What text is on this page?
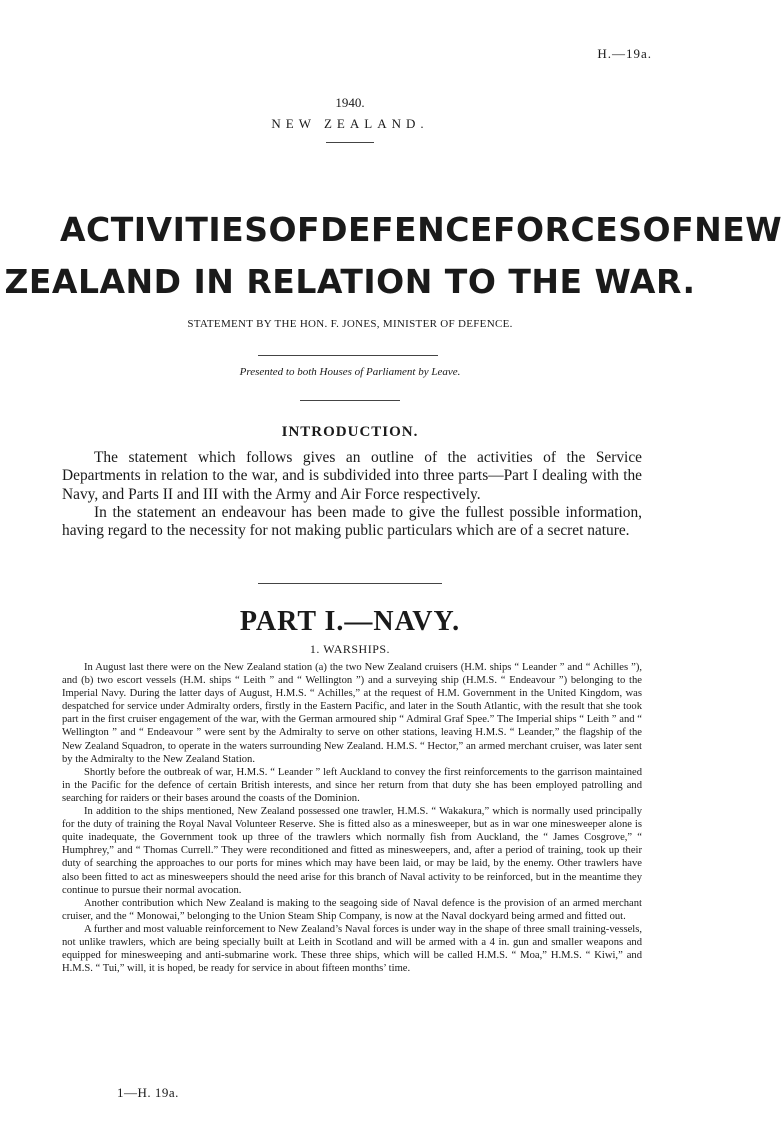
H.—19a.
1940.
NEW ZEALAND.
ACTIVITIES OF DEFENCE FORCES OF NEW
ZEALAND IN RELATION TO THE WAR.
STATEMENT BY THE HON. F. JONES, MINISTER OF DEFENCE.
Presented to both Houses of Parliament by Leave.
INTRODUCTION.

The statement which follows gives an outline of the activities of the Service Departments in relation to the war, and is subdivided into three parts—Part I dealing with the Navy, and Parts II and III with the Army and Air Force respectively.

In the statement an endeavour has been made to give the fullest possible information, having regard to the necessity for not making public particulars which are of a secret nature.

PART I.—NAVY.
1. WARSHIPS.

In August last there were on the New Zealand station (a) the two New Zealand cruisers (H.M. ships “ Leander ” and “ Achilles ”), and (b) two escort vessels (H.M. ships “ Leith ” and “ Wellington ”) and a surveying ship (H.M.S. “ Endeavour ”) belonging to the Imperial Navy. During the latter days of August, H.M.S. “ Achilles,” at the request of H.M. Government in the United Kingdom, was despatched for service under Admiralty orders, firstly in the Eastern Pacific, and later in the South Atlantic, with the result that she took part in the first cruiser engagement of the war, with the German armoured ship “ Admiral Graf Spee.” The Imperial ships “ Leith ” and “ Wellington ” and “ Endeavour ” were sent by the Admiralty to serve on other stations, leaving H.M.S. “ Leander,” the flagship of the New Zealand Squadron, to operate in the waters surrounding New Zealand. H.M.S. “ Hector,” an armed merchant cruiser, was later sent by the Admiralty to the New Zealand Station.

Shortly before the outbreak of war, H.M.S. “ Leander ” left Auckland to convey the first reinforcements to the garrison maintained in the Pacific for the defence of certain British interests, and since her return from that duty she has been employed patrolling and searching for raiders or their bases around the coasts of the Dominion.

In addition to the ships mentioned, New Zealand possessed one trawler, H.M.S. “ Wakakura,” which is normally used principally for the duty of training the Royal Naval Volunteer Reserve. She is fitted also as a minesweeper, but as in war one minesweeper alone is quite inadequate, the Government took up three of the trawlers which normally fish from Auckland, the “ James Cosgrove,” “ Humphrey,” and “ Thomas Currell.” They were reconditioned and fitted as minesweepers, and, after a period of training, took up their duty of searching the approaches to our ports for mines which may have been laid, or may be laid, by the enemy. Other trawlers have also been fitted to act as minesweepers should the need arise for this branch of Naval activity to be reinforced, but in the meantime they continue to pursue their normal avocation.

Another contribution which New Zealand is making to the seagoing side of Naval defence is the provision of an armed merchant cruiser, and the “ Monowai,” belonging to the Union Steam Ship Company, is now at the Naval dockyard being armed and fitted out.

A further and most valuable reinforcement to New Zealand’s Naval forces is under way in the shape of three small training-vessels, not unlike trawlers, which are being specially built at Leith in Scotland and will be armed with a 4 in. gun and smaller weapons and equipped for minesweeping and anti-submarine work. These three ships, which will be called H.M.S. “ Moa,” H.M.S. “ Kiwi,” and H.M.S. “ Tui,” will, it is hoped, be ready for service in about fifteen months’ time.

1—H. 19a.
